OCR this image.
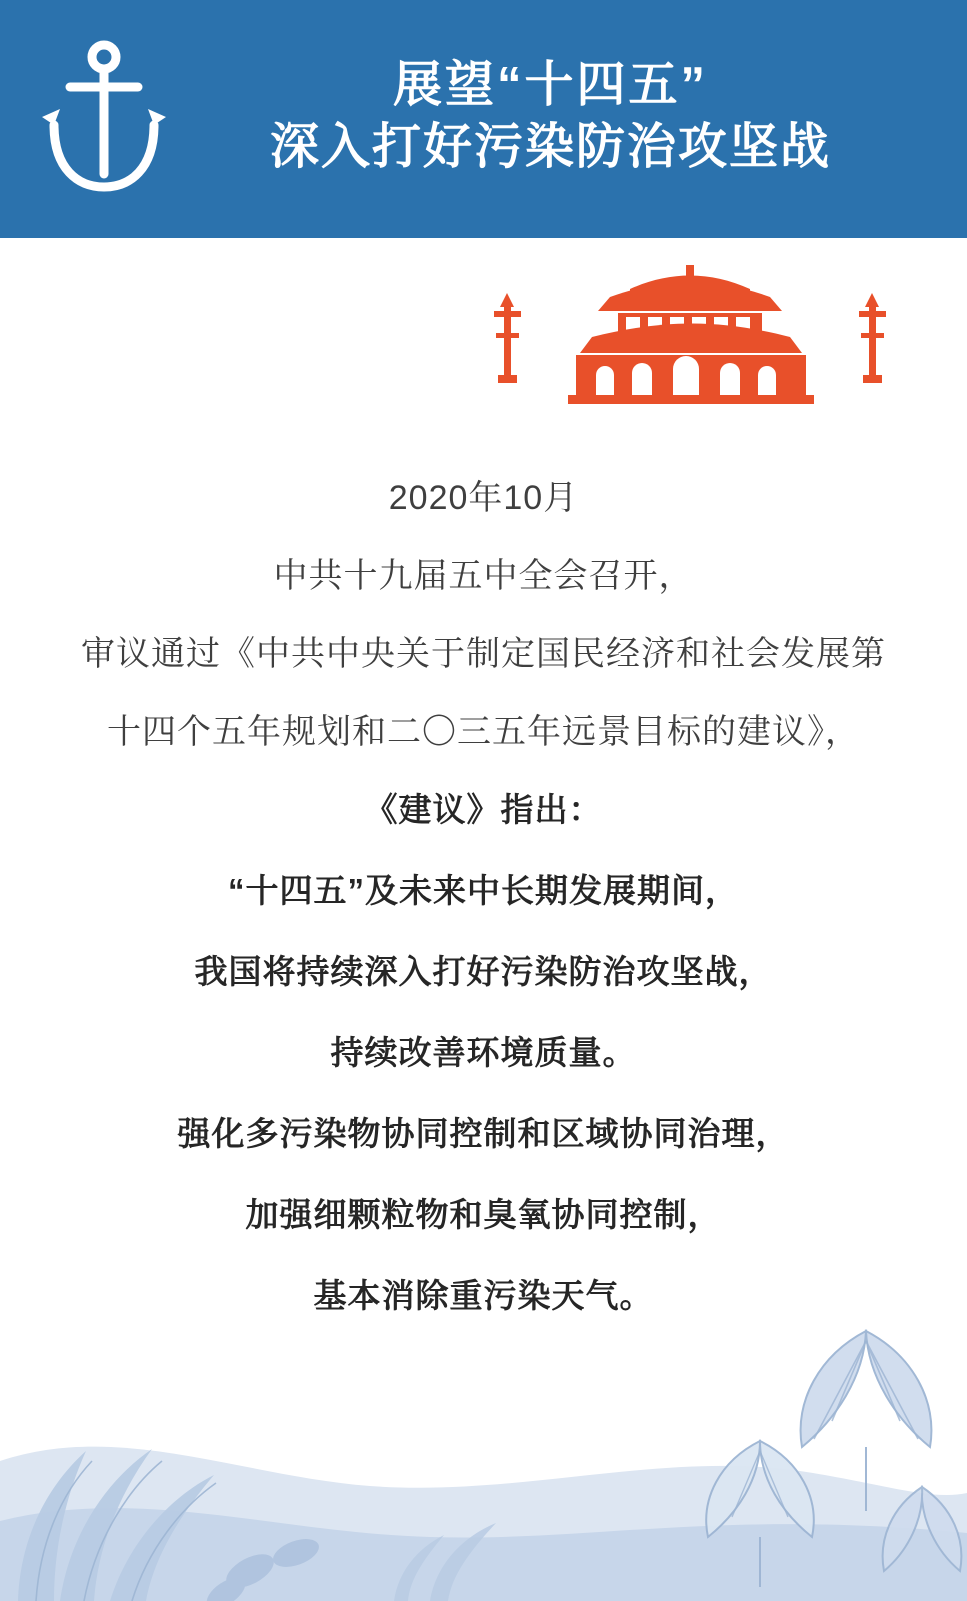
展望“十四五”
深入打好污染防治攻坚战

2020年10月

中共十九届五中全会召开，

审议通过《中共中央关于制定国民经济和社会发展第

十四个五年规划和二〇三五年远景目标的建议》，

《建议》指出：

“十四五”及未来中长期发展期间，

我国将持续深入打好污染防治攻坚战，

持续改善环境质量。

强化多污染物协同控制和区域协同治理，

加强细颗粒物和臭氧协同控制，

基本消除重污染天气。
